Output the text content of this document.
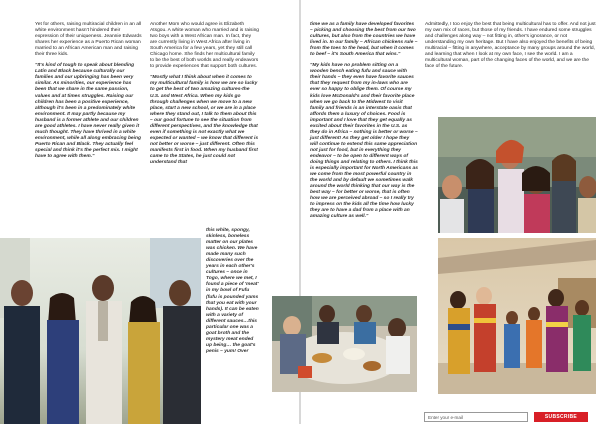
Yet for others, raising multiracial children in an all white environment hasn't hindered their expression of their uniqueness. Jeannie Edwards shares her experience as a Puerto Rican woman married to an African American man and raising their three kids.

"It's kind of tough to speak about blending Latin and Black because culturally our families and our upbringing has been very similar. As minorities, our experience has been that we share in the same passion, values and at times struggles. Raising our children has been a positive experience, although it's been in a predominately white environment. It may partly because my husband is a former athlete and our children are good athletes. I have never really given it much thought. They have thrived in a white environment, while all along embracing being Puerto Rican and Black. They actually feel special and think it's the perfect mix. I might have to agree with them."

Another Mom who would agree is Elizabeth Atsgou. A white woman who married and is raising two boys with a West African man. In fact, they are currently living in West Africa after living in South America for a few years, yet they still call Chicago home. She finds her multicultural family to be the best of both worlds and really endeavors to provide experiences that support both cultures.

"Mostly what I think about when it comes to my multicultural family is how we are so lucky to get the best of two amazing cultures-the U.S. and West Africa. When my kids go through challenges when we move to a new place, start a new school, or we are in a place where they stand out, I talk to them about this – our good fortune to see the situation from different perspectives, and the knowledge that even if something is not exactly what we expected or wanted – we know that different is not better or worse – just different. Often this manifests first in food. When my husband first came to the States, he just could not understand that

this white, spongy, skinless, boneless matter on our plates was chicken. We have made many such discoveries over the years in each other's cultures – once in Togo, where we met, I found a piece of 'meat' in my bowl of Fufu (fufu is pounded yams that you eat with your hands). It can be eaten with a variety of different sauces…this particular one was a goat broth and the mystery meat ended up being… the goat's penis – yum! Over

time we as a family have developed favorites – picking and choosing the best from our two cultures, but also from the countries we have lived in. In our family – African chickens rule – from the toes to the head, but when it comes to beef – it's South America that wins."

"My kids have no problem sitting on a wooden bench eating fufu and sauce with their hands – they even have favorite sauces that they request from my in-laws who are ever so happy to oblige them. Of course my kids love McDonald's and their favorite place when we go back to the Midwest to visit family and friends is an interstate oasis that affords them a luxury of choices. Food is important and I love that they get equally as excited about their favorites in the U.S. as they do in Africa – nothing is better or worse – just different! As they get older I hope they will continue to extend this same appreciation not just for food, but in everything they endeavor – to be open to different ways of doing things and relating to others. I think this is especially important for North Americans as we come from the most powerful country in the world and by default we sometimes walk around the world thinking that our way is the best way – for better or worse, that is often how we are perceived abroad – so I really try to impress on the kids all the time how lucky they are to have a dad from a place with an amazing culture as well."

Admittedly, I too enjoy the best that being multicultural has to offer. And not just my own mix of races, but those of my friends. I have endured some struggles and challenges along way – not fitting in, other's ignorance, or not understanding my own heritage. But I have also enjoyed the benefits of being multiracial – fitting in anywhere, acceptance by many groups around the world, and learning that when I look at my own face, I see the world. I am a multicultural woman, part of the changing faces of the world, and we are the face of the future.

Enter your e-mail
SUBSCRIBE
